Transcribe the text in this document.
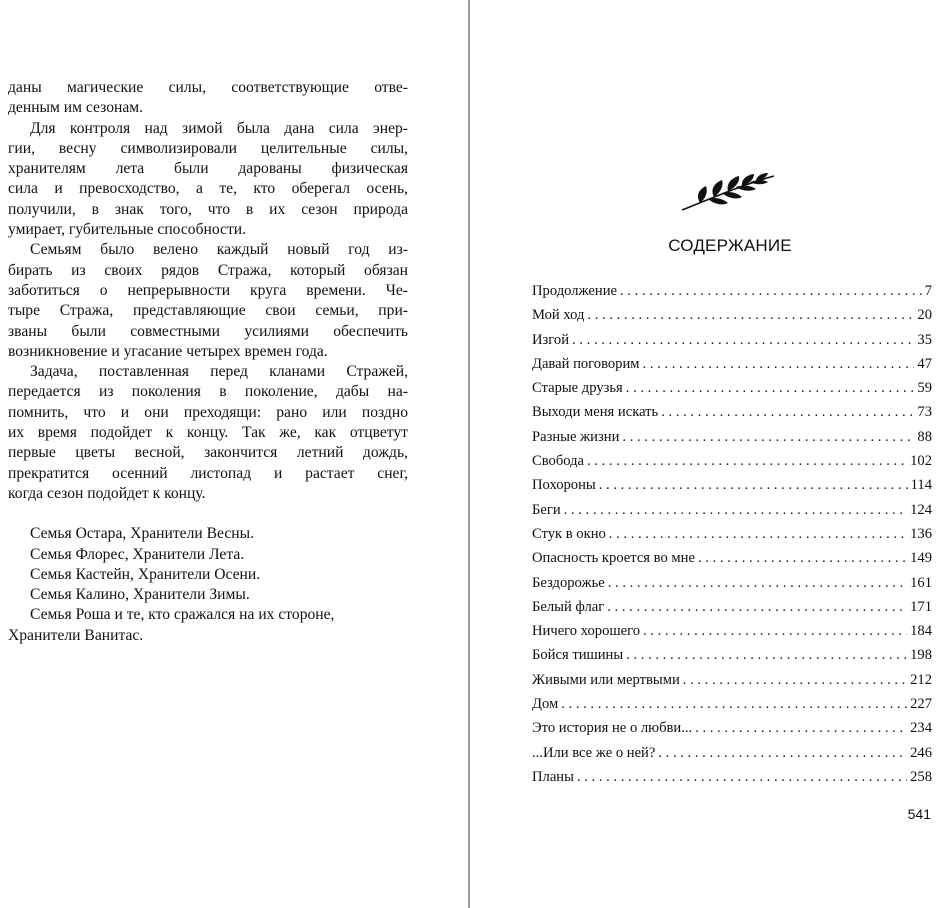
даны магические силы, соответствующие отве-
денным им сезонам.
Для контроля над зимой была дана сила энер-
гии, весну символизировали целительные силы,
хранителям лета были дарованы физическая
сила и превосходство, а те, кто оберегал осень,
получили, в знак того, что в их сезон природа
умирает, губительные способности.
Семьям было велено каждый новый год из-
бирать из своих рядов Стража, который обязан
заботиться о непрерывности круга времени. Че-
тыре Стража, представляющие свои семьи, при-
званы были совместными усилиями обеспечить
возникновение и угасание четырех времен года.
Задача, поставленная перед кланами Стражей,
передается из поколения в поколение, дабы на-
помнить, что и они преходящи: рано или поздно
их время подойдет к концу. Так же, как отцветут
первые цветы весной, закончится летний дождь,
прекратится осенний листопад и растает снег,
когда сезон подойдет к концу.
Семья Остара, Хранители Весны.
Семья Флорес, Хранители Лета.
Семья Кастейн, Хранители Осени.
Семья Калино, Хранители Зимы.
Семья Роша и те, кто сражался на их стороне,
Хранители Ванитас.
СОДЕРЖАНИЕ
Продолжение . . .	7
Мой ход . . .	20
Изгой . . .	35
Давай поговорим . . .	47
Старые друзья . . .	59
Выходи меня искать . . .	73
Разные жизни . . .	88
Свобода . . .	102
Похороны . . .	114
Беги . . .	124
Стук в окно . . .	136
Опасность кроется во мне . . .	149
Бездорожье . . .	161
Белый флаг . . .	171
Ничего хорошего . . .	184
Бойся тишины . . .	198
Живыми или мертвыми . . .	212
Дом . . .	227
Это история не о любви... . . .	234
...Или все же о ней? . . .	246
Планы . . .	258
541
